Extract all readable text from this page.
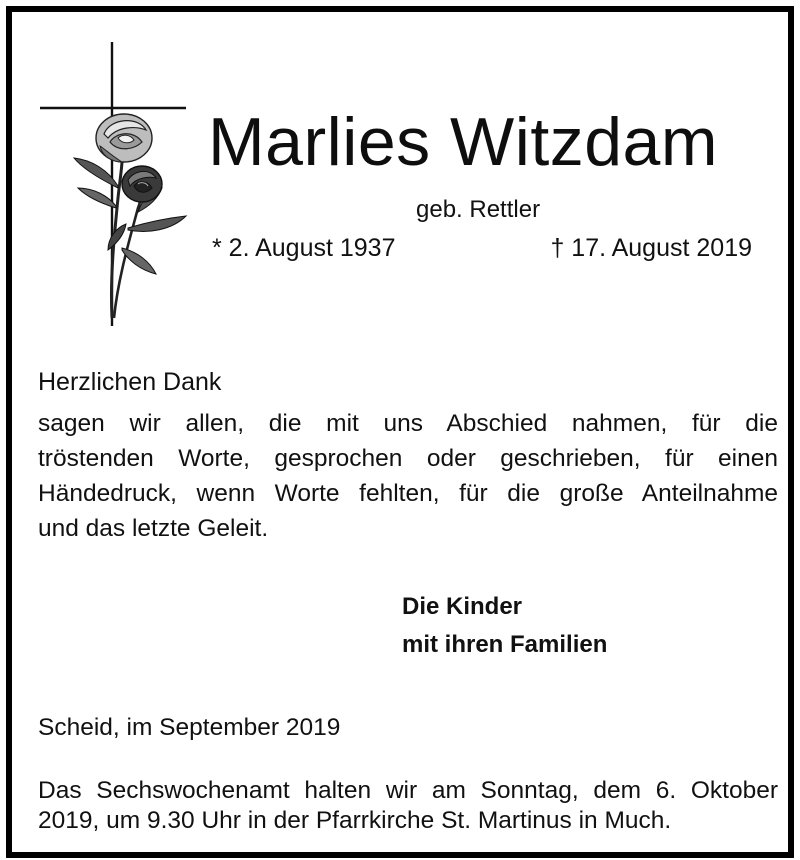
Marlies Witzdam
geb. Rettler
* 2. August 1937	† 17. August 2019
Herzlichen Dank
sagen wir allen, die mit uns Abschied nahmen, für die
tröstenden Worte, gesprochen oder geschrieben, für einen
Händedruck, wenn Worte fehlten, für die große Anteilnahme
und das letzte Geleit.
Die Kinder
mit ihren Familien
Scheid, im September 2019
Das Sechswochenamt halten wir am Sonntag, dem 6. Oktober
2019, um 9.30 Uhr in der Pfarrkirche St. Martinus in Much.
